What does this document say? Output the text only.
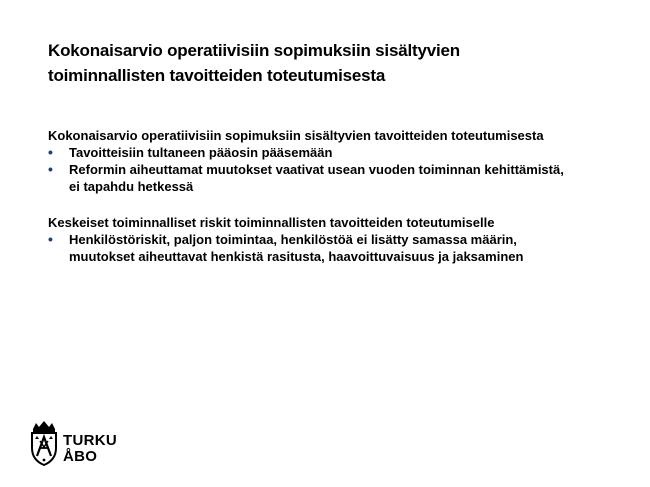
Kokonaisarvio operatiivisiin sopimuksiin sisältyvien
toiminnallisten tavoitteiden toteutumisesta
Kokonaisarvio operatiivisiin sopimuksiin sisältyvien tavoitteiden toteutumisesta
• Tavoitteisiin tultaneen pääosin pääsemään
• Reformin aiheuttamat muutokset vaativat usean vuoden toiminnan kehittämistä,
ei tapahdu hetkessä
Keskeiset toiminnalliset riskit toiminnallisten tavoitteiden toteutumiselle
• Henkilöstöriskit, paljon toimintaa, henkilöstöä ei lisätty samassa määrin,
muutokset aiheuttavat henkistä rasitusta, haavoittuvaisuus ja jaksaminen
TURKU
ÅBO
